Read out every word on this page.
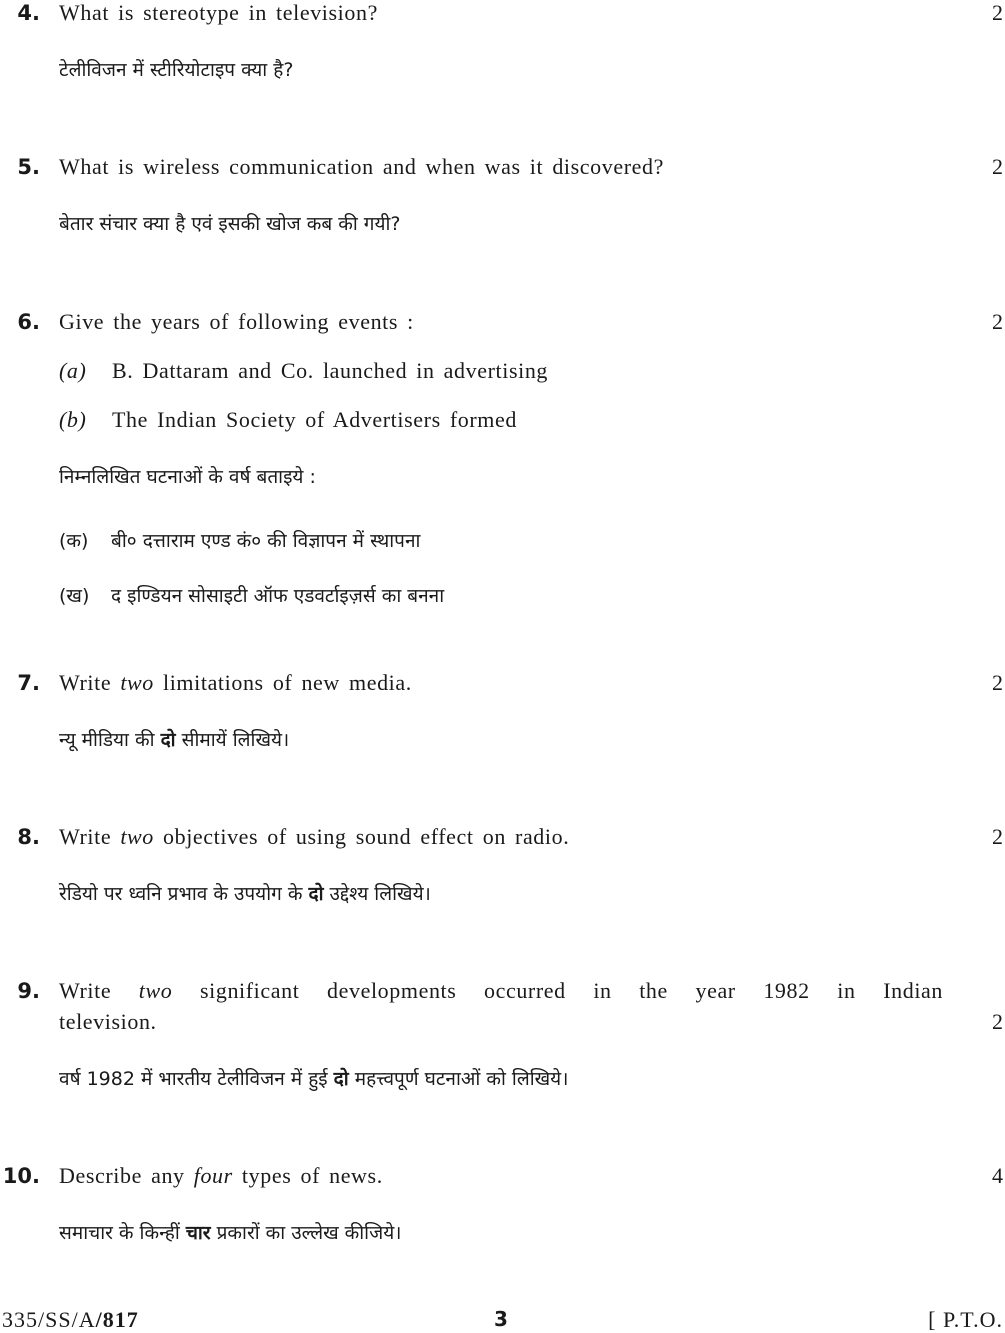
4. What is stereotype in television?	2
टेलीविजन में स्टीरियोटाइप क्या है?
5. What is wireless communication and when was it discovered?	2
बेतार संचार क्या है एवं इसकी खोज कब की गयी?
6. Give the years of following events :	2
(a) B. Dattaram and Co. launched in advertising
(b) The Indian Society of Advertisers formed
निम्नलिखित घटनाओं के वर्ष बताइये :
(क) बी० दत्ताराम एण्ड कं० की विज्ञापन में स्थापना
(ख) द इण्डियन सोसाइटी ऑफ एडवर्टाइज़र्स का बनना
7. Write two limitations of new media.	2
न्यू मीडिया की दो सीमायें लिखिये।
8. Write two objectives of using sound effect on radio.	2
रेडियो पर ध्वनि प्रभाव के उपयोग के दो उद्देश्य लिखिये।
9. Write two significant developments occurred in the year 1982 in Indian
television.	2
वर्ष 1982 में भारतीय टेलीविजन में हुई दो महत्त्वपूर्ण घटनाओं को लिखिये।
10. Describe any four types of news.	4
समाचार के किन्हीं चार प्रकारों का उल्लेख कीजिये।
335/SS/A/817	3	[ P.T.O.
